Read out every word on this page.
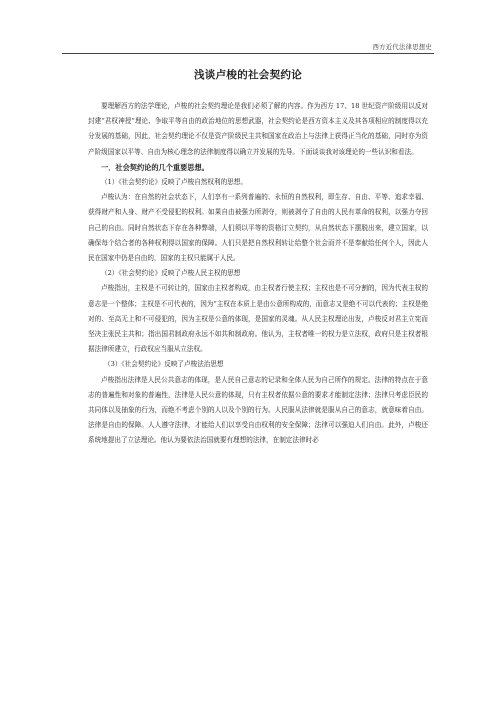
西方近代法律思想史
浅谈卢梭的社会契约论

要理解西方的法学理论，卢梭的社会契约理论是我们必须了解的内容。作为西方 17、18 世纪资产阶级用以反对封建“君权神授”理论、争取平等自由的政治地位的思想武器，社会契约论是西方资本主义及其各项相应的制度得以充分发展的基础，因此，社会契约理论不仅是资产阶级民主共和国家在政治上与法律上获得正当化的基础，同时亦为资产阶级国家以平等、自由为核心理念的法律制度得以确立并发展的先导。下面谈谈我对该理论的一些认识和看法。

一．社会契约论的几个重要思想。

（1）《社会契约论》反映了卢梭自然权利的思想。

卢梭认为：在自然的社会状态下，人们享有一系列普遍的、永恒的自然权利，即生存、自由、平等、追求幸福、获得财产和人身、财产不受侵犯的权利。如果自由被强力所剥夺，则被剥夺了自由的人民有革命的权利，以强力夺回自己的自由。同时自然状态下存在各种弊端，人们须以平等的资格订立契约，从自然状态下摆脱出来，建立国家，以确保每个结合者的各种权利得以国家的保障。人们只是把自然权利转让给整个社会而并不是奉献给任何个人，因此人民在国家中仍是自由的，国家的主权只能属于人民。

（2）《社会契约论》反映了卢梭人民主权的思想

卢梭指出，主权是不可转让的，国家由主权者构成，由主权者行使主权；主权也是不可分割的，因为代表主权的意志是一个整体；主权是不可代表的，因为“主权在本质上是由公意所构成的，而意志又是绝不可以代表的；主权是绝对的、至高无上和不可侵犯的，因为主权是公意的体现，是国家的灵魂。从人民主权理论出发，卢梭反对君主立宪而坚决主张民主共和；指出国君制政府永远不如共和制政府。他认为，主权者唯一的权力是立法权，政府只是主权者根据法律所建立，行政权应当服从立法权。

（3）《社会契约论》反映了卢梭法治思想

卢梭指出法律是人民公共意志的体现，是人民自己意志的记录和全体人民为自己所作的规定。法律的特点在于意志的普遍性和对象的普遍性，法律是人民公意的体现，只有主权者依据公意的要求才能制定法律；法律只考虑臣民的共同体以及抽象的行为，而绝不考虑个别的人以及个别的行为。人民服从法律就是服从自己的意志，就意味着自由。法律是自由的保障。人人遵守法律，才能给人们以享受自由权利的安全保障；法律可以强迫人们自由。此外，卢梭还系统地提出了立法理论。他认为要依法治国就要有理想的法律，在制定法律时必
